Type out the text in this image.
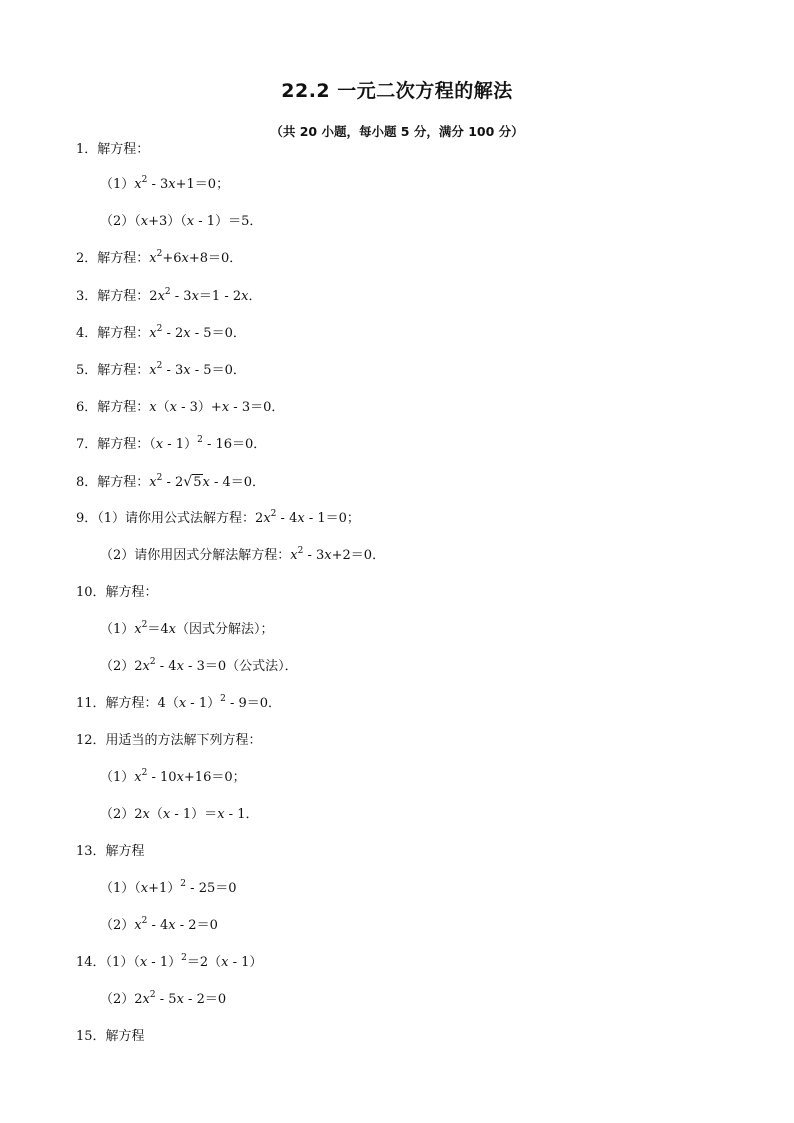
22.2 一元二次方程的解法
（共 20 小题，每小题 5 分，满分 100 分）
1．解方程：
$(1)x^2 - 3x+1=0$；
（2）（x+3）（x - 1）＝5．
2．解方程：$x^2+6x+8=0$．
3．解方程：$2x^2 - 3x=1 - 2x$．
4．解方程：$x^2 - 2x - 5=0$．
5．解方程：$x^2 - 3x - 5=0$．
6．解方程：x（x - 3）+x - 3＝0．
7．解方程：（x - 1）$^2$ - 16＝0．
8．解方程：$x^2 - 2√5x - 4=0$．
9．（1）请你用公式法解方程：$2x^2 - 4x - 1=0$；
（2）请你用因式分解法解方程：$x^2 - 3x+2=0$．
10．解方程：
$(1)x^2=4x$（因式分解法）；
$(2)2x^2 - 4x - 3=0$（公式法）．
11．解方程：4（x - 1）$^2$ - 9＝0．
12．用适当的方法解下列方程：
$(1)x^2 - 10x+16=0$；
（2）2x（x - 1）＝x - 1．
13．解方程
$(1)(x+1)^2 - 25=0$
$(2)x^2 - 4x - 2=0$
14．（1）（x - 1）$^2$＝2（x - 1）
$(2)2x^2 - 5x - 2=0$
15．解方程
